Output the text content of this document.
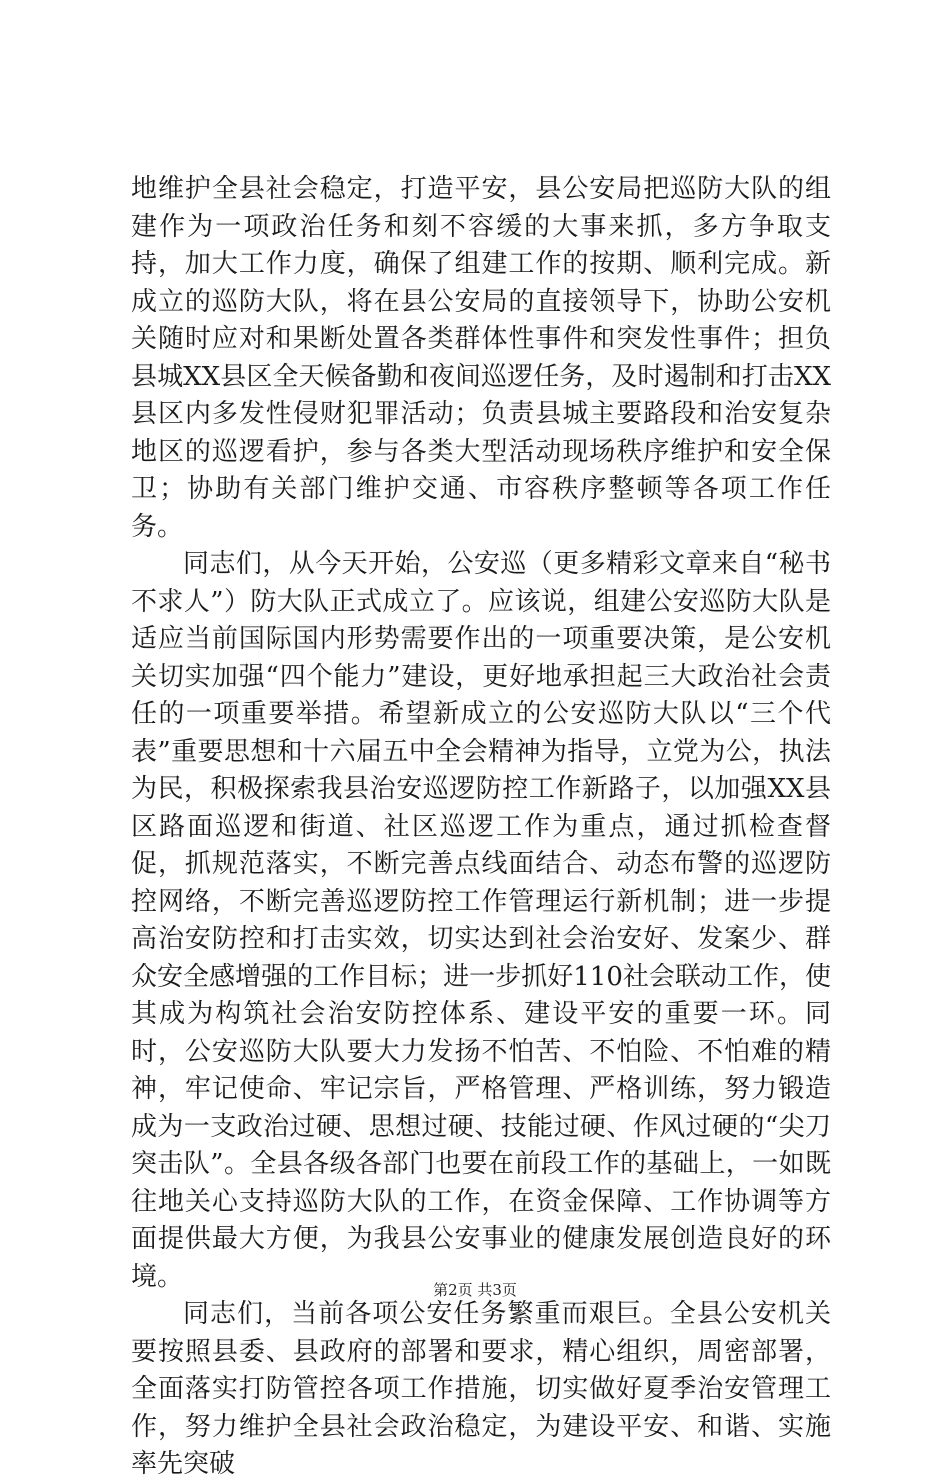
地维护全县社会稳定，打造平安，县公安局把巡防大队的组建作为一项政治任务和刻不容缓的大事来抓，多方争取支持，加大工作力度，确保了组建工作的按期、顺利完成。新成立的巡防大队，将在县公安局的直接领导下，协助公安机关随时应对和果断处置各类群体性事件和突发性事件；担负县城XX县区全天候备勤和夜间巡逻任务，及时遏制和打击XX县区内多发性侵财犯罪活动；负责县城主要路段和治安复杂地区的巡逻看护，参与各类大型活动现场秩序维护和安全保卫；协助有关部门维护交通、市容秩序整顿等各项工作任务。

同志们，从今天开始，公安巡（更多精彩文章来自“秘书不求人”）防大队正式成立了。应该说，组建公安巡防大队是适应当前国际国内形势需要作出的一项重要决策，是公安机关切实加强“四个能力”建设，更好地承担起三大政治社会责任的一项重要举措。希望新成立的公安巡防大队以“三个代表”重要思想和十六届五中全会精神为指导，立党为公，执法为民，积极探索我县治安巡逻防控工作新路子，以加强XX县区路面巡逻和街道、社区巡逻工作为重点，通过抓检查督促，抓规范落实，不断完善点线面结合、动态布警的巡逻防控网络，不断完善巡逻防控工作管理运行新机制；进一步提高治安防控和打击实效，切实达到社会治安好、发案少、群众安全感增强的工作目标；进一步抓好110社会联动工作，使其成为构筑社会治安防控体系、建设平安的重要一环。同时，公安巡防大队要大力发扬不怕苦、不怕险、不怕难的精神，牢记使命、牢记宗旨，严格管理、严格训练，努力锻造成为一支政治过硬、思想过硬、技能过硬、作风过硬的“尖刀突击队”。全县各级各部门也要在前段工作的基础上，一如既往地关心支持巡防大队的工作，在资金保障、工作协调等方面提供最大方便，为我县公安事业的健康发展创造良好的环境。

同志们，当前各项公安任务繁重而艰巨。全县公安机关要按照县委、县政府的部署和要求，精心组织，周密部署，全面落实打防管控各项工作措施，切实做好夏季治安管理工作，努力维护全县社会政治稳定，为建设平安、和谐、实施率先突破

第2页 共3页
